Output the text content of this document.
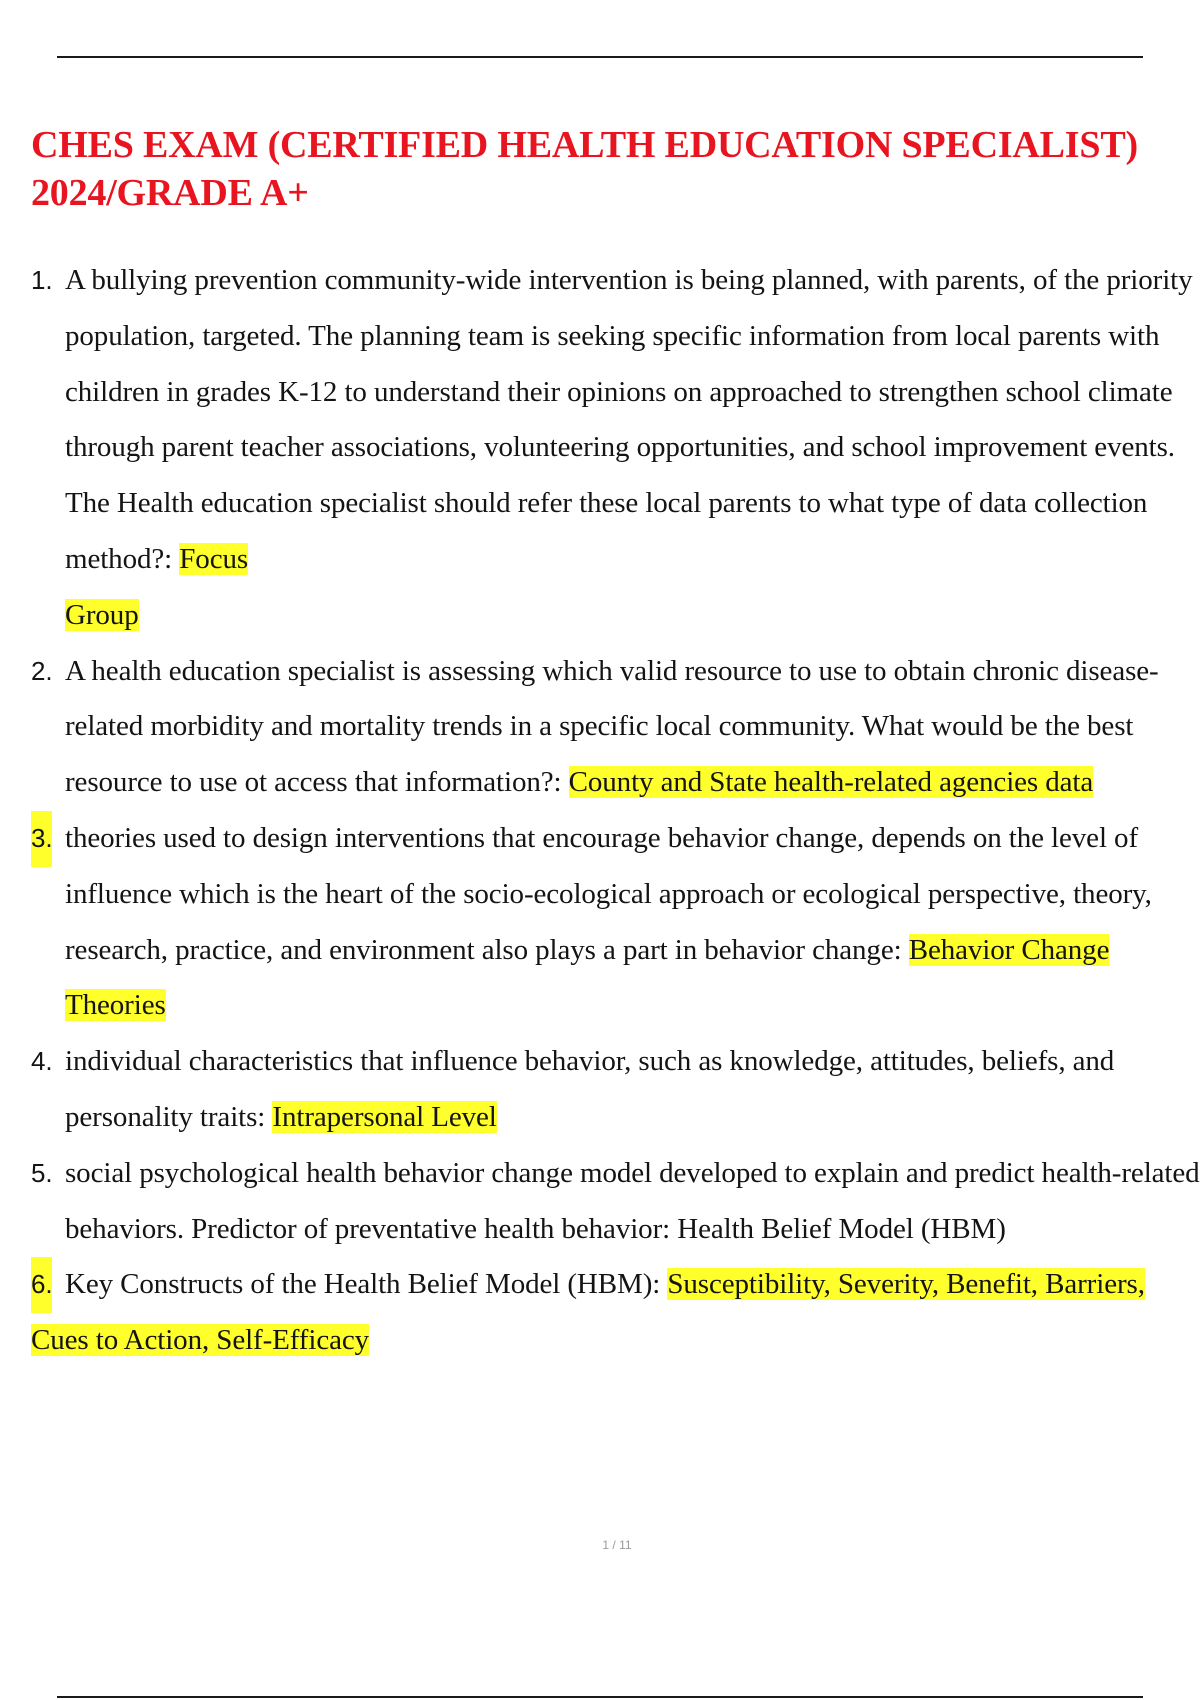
CHES EXAM (CERTIFIED HEALTH EDUCATION SPECIALIST) 2024/GRADE A+
1. A bullying prevention community-wide intervention is being planned, with parents, of the priority population, targeted. The planning team is seeking specific information from local parents with children in grades K-12 to understand their opinions on approached to strengthen school climate through parent teacher associations, volunteering opportunities, and school improvement events. The Health education specialist should refer these local parents to what type of data collection method?: Focus
Group
2. A health education specialist is assessing which valid resource to use to obtain chronic disease-related morbidity and mortality trends in a specific local community. What would be the best resource to use ot access that information?: County and State health-related agencies data
3. theories used to design interventions that encourage behavior change, depends on the level of influence which is the heart of the socio-ecological approach or ecological perspective, theory, research, practice, and environment also plays a part in behavior change: Behavior Change Theories
4. individual characteristics that influence behavior, such as knowledge, attitudes, beliefs, and personality traits: Intrapersonal Level
5. social psychological health behavior change model developed to explain and predict health-related behaviors. Predictor of preventative health behavior: Health Belief Model (HBM)
6. Key Constructs of the Health Belief Model (HBM): Susceptibility, Severity, Benefit, Barriers, Cues to Action, Self-Efficacy
1 / 11
